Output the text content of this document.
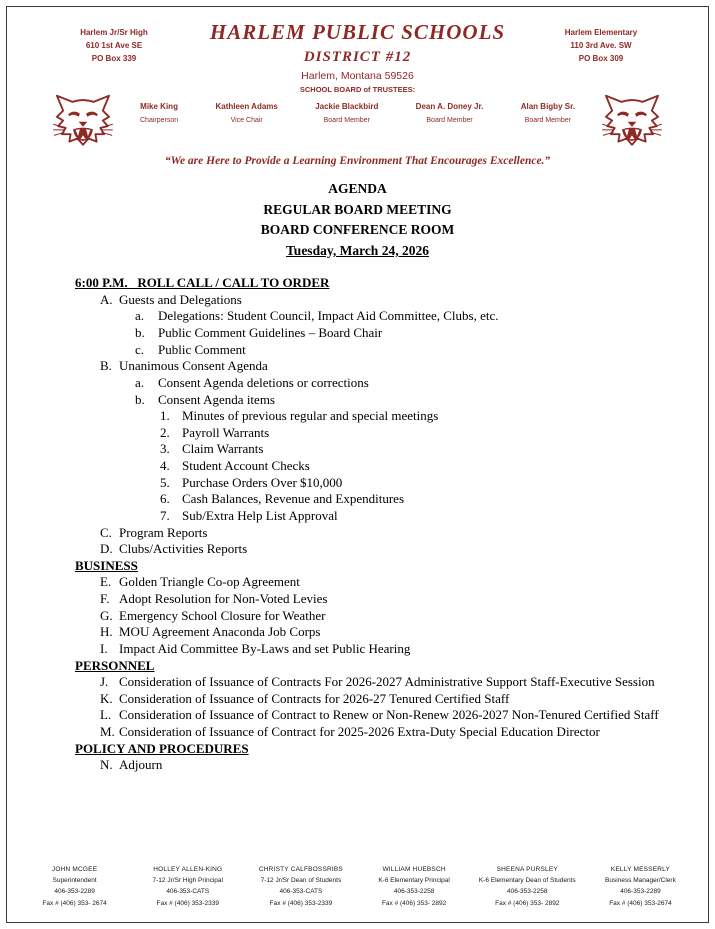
Harlem Jr/Sr High
610 1st Ave SE
PO Box 339
HARLEM PUBLIC SCHOOLS
DISTRICT #12
Harlem, Montana 59526
SCHOOL BOARD of TRUSTEES:
Harlem Elementary
110 3rd Ave. SW
PO Box 309
Mike King
Chairperson
Kathleen Adams
Vice Chair
Jackie Blackbird
Board Member
Dean A. Doney Jr.
Board Member
Alan Bigby Sr.
Board Member
“We are Here to Provide a Learning Environment That Encourages Excellence.”
AGENDA
REGULAR BOARD MEETING
BOARD CONFERENCE ROOM
Tuesday, March 24, 2026
6:00 P.M.   ROLL CALL / CALL TO ORDER
A. Guests and Delegations
a.	Delegations: Student Council, Impact Aid Committee, Clubs, etc.
b.	Public Comment Guidelines – Board Chair
c.	Public Comment
B. Unanimous Consent Agenda
a.	Consent Agenda deletions or corrections
b.	Consent Agenda items
1. Minutes of previous regular and special meetings
2. Payroll Warrants
3. Claim Warrants
4. Student Account Checks
5. Purchase Orders Over $10,000
6. Cash Balances, Revenue and Expenditures
7. Sub/Extra Help List Approval
C. Program Reports
D. Clubs/Activities Reports
BUSINESS
E. Golden Triangle Co-op Agreement
F. Adopt Resolution for Non-Voted Levies
G. Emergency School Closure for Weather
H. MOU Agreement Anaconda Job Corps
I. Impact Aid Committee By-Laws and set Public Hearing
PERSONNEL
J. Consideration of Issuance of Contracts For 2026-2027 Administrative Support Staff-Executive Session
K. Consideration of Issuance of Contracts for 2026-27 Tenured Certified Staff
L. Consideration of Issuance of Contract to Renew or Non-Renew 2026-2027 Non-Tenured Certified Staff
M. Consideration of Issuance of Contract for 2025-2026 Extra-Duty Special Education Director
POLICY AND PROCEDURES
N. Adjourn
JOHN MCGEE
Superintendent
406-353-2289
Fax # (406) 353- 2674
HOLLEY ALLEN-KING
7-12 Jr/Sr High Principal
406-353-CATS
Fax # (406) 353-2339
CHRISTY CALFBOSSRIBS
7-12 Jr/Sr Dean of Students
406-353-CATS
Fax # (406) 353-2339
WILLIAM HUEBSCH
K-6 Elementary Principal
406-353-2258
Fax # (406) 353- 2892
SHEENA PURSLEY
K-6 Elementary Dean of Students
406-353-2258
Fax # (406) 353- 2892
KELLY MESSERLY
Business Manager/Clerk
406-353-2289
Fax # (406) 353-2674
